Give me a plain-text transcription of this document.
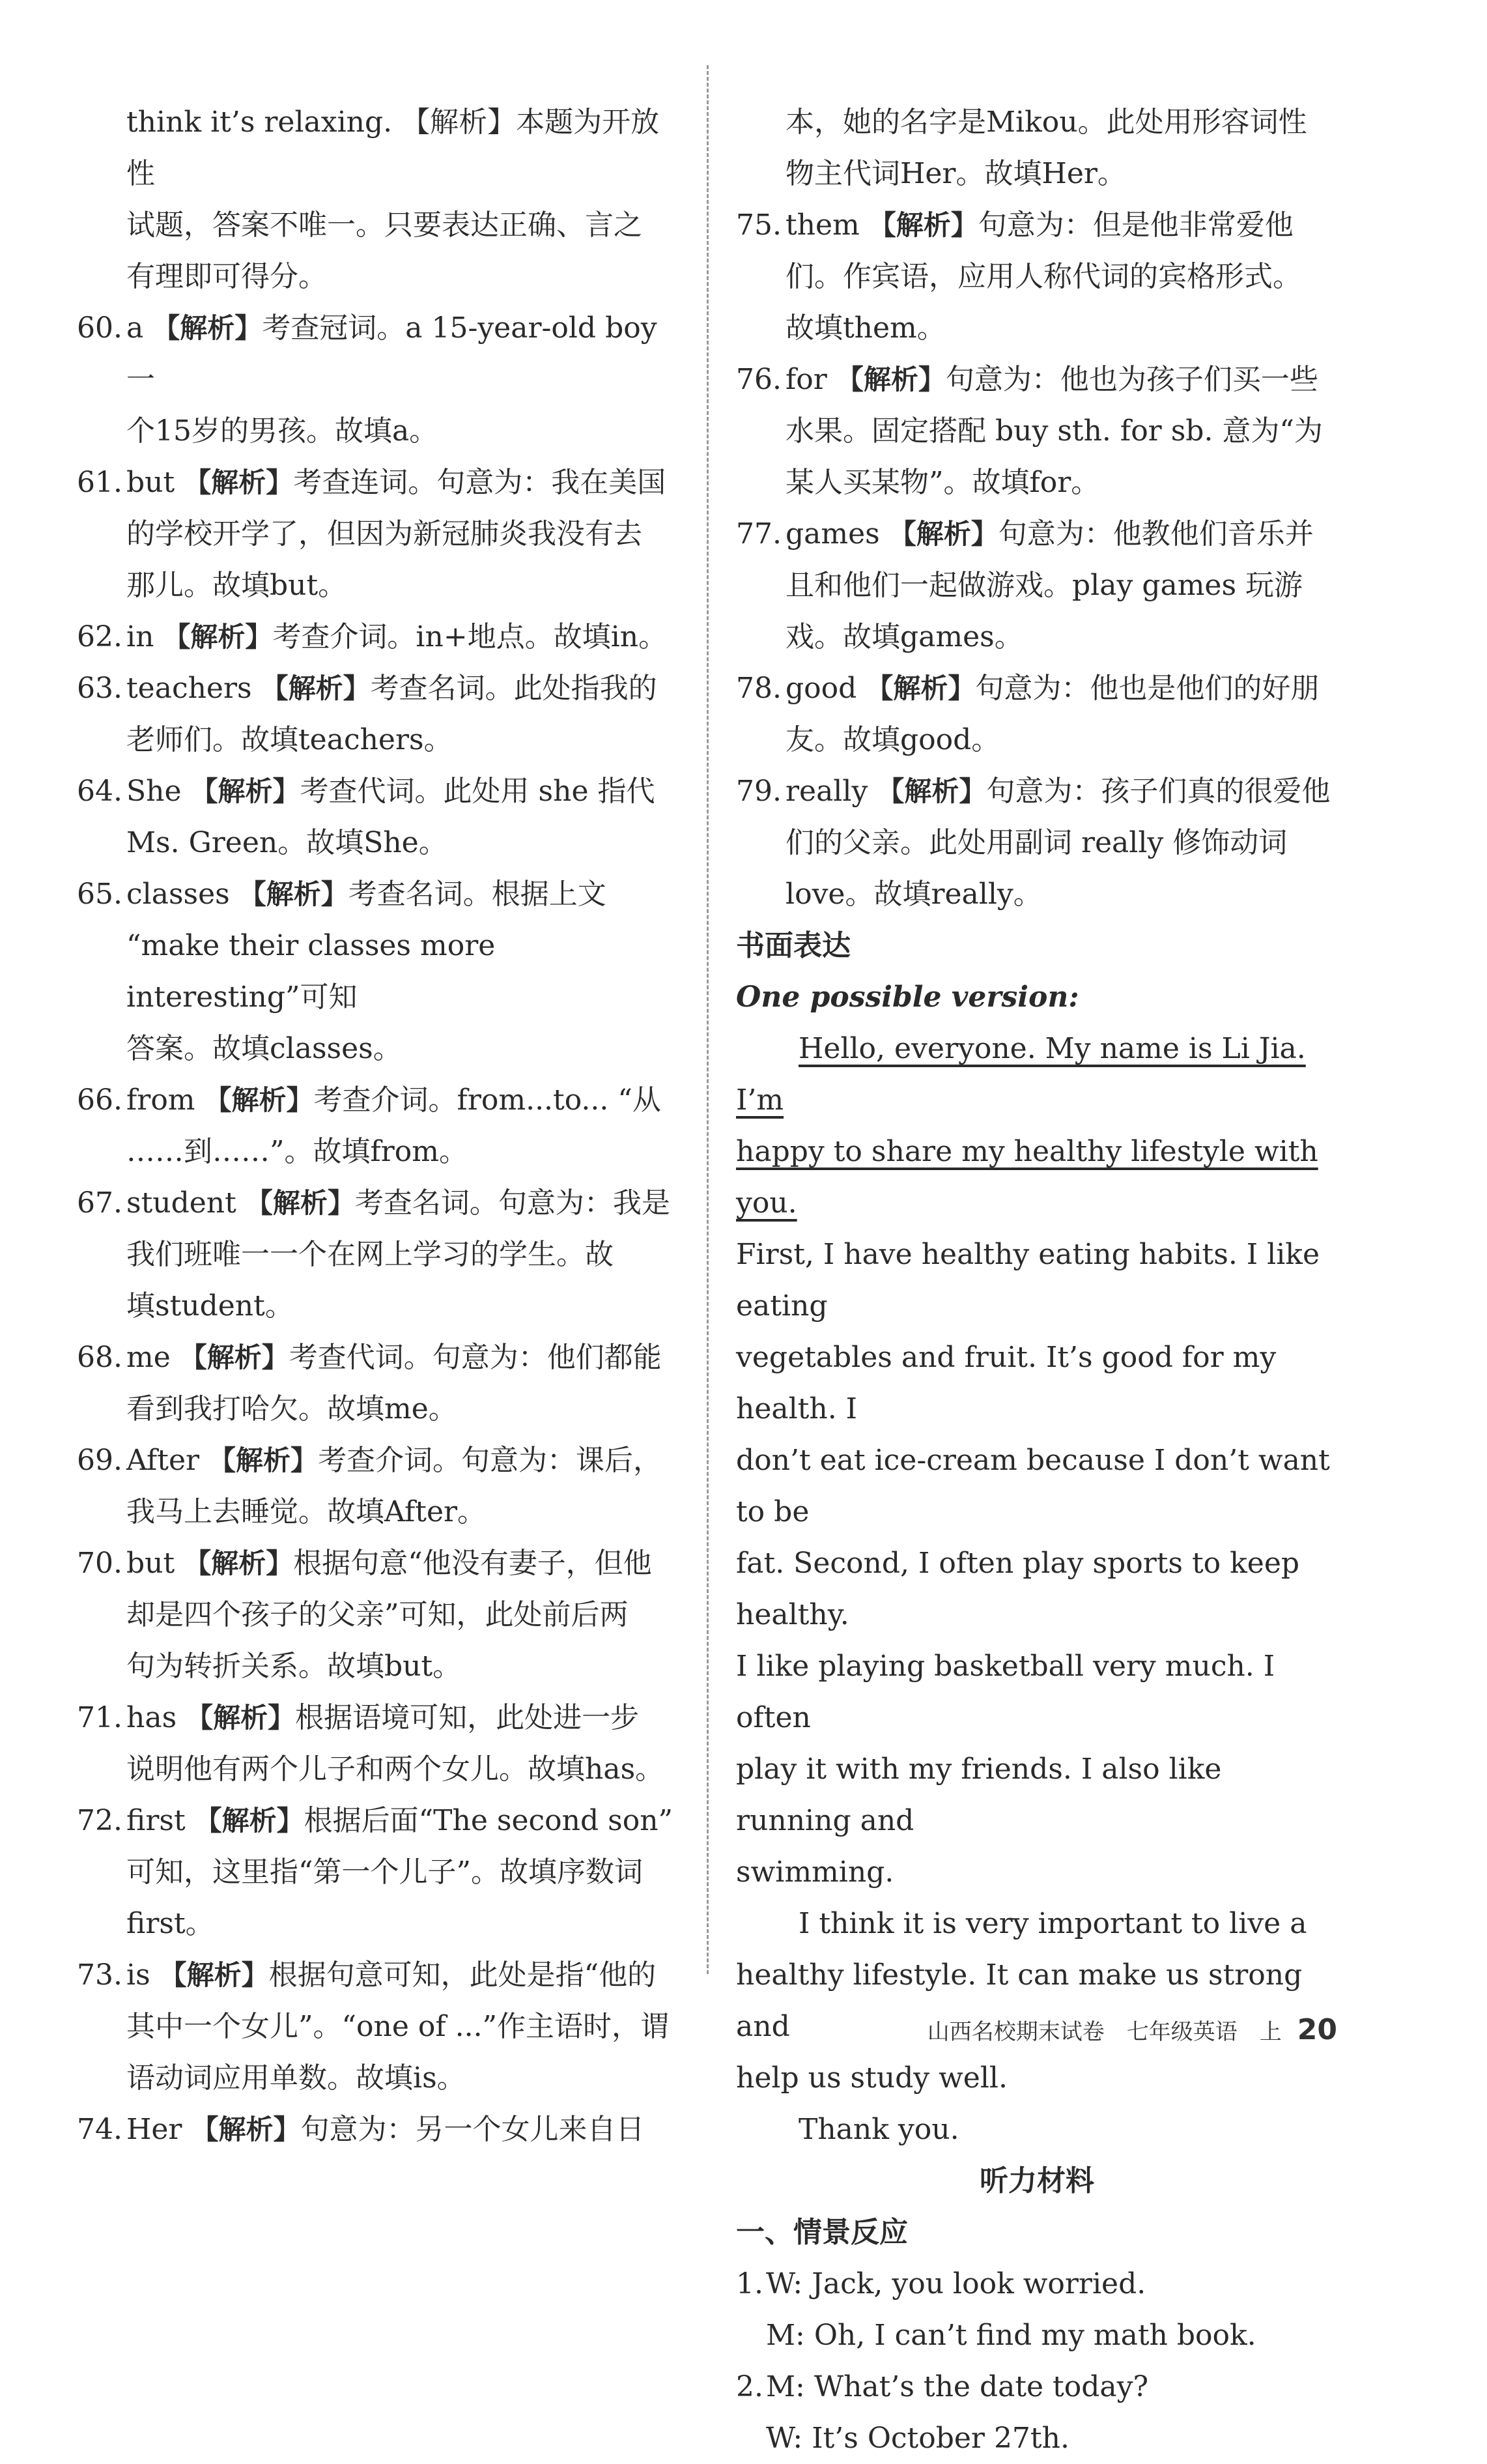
think it’s relaxing. 【解析】本题为开放性
试题，答案不唯一。只要表达正确、言之
有理即可得分。
60. a 【解析】考查冠词。a 15-year-old boy 一
个15岁的男孩。故填a。
61. but 【解析】考查连词。句意为：我在美国
的学校开学了，但因为新冠肺炎我没有去
那儿。故填but。
62. in 【解析】考查介词。in+地点。故填in。
63. teachers 【解析】考查名词。此处指我的
老师们。故填teachers。
64. She 【解析】考查代词。此处用 she 指代
Ms. Green。故填She。
65. classes 【解析】考查名词。根据上文
“make their classes more interesting”可知
答案。故填classes。
66. from 【解析】考查介词。from...to... “从
……到……”。故填from。
67. student 【解析】考查名词。句意为：我是
我们班唯一一个在网上学习的学生。故
填student。
68. me 【解析】考查代词。句意为：他们都能
看到我打哈欠。故填me。
69. After 【解析】考查介词。句意为：课后，
我马上去睡觉。故填After。
70. but 【解析】根据句意“他没有妻子，但他
却是四个孩子的父亲”可知，此处前后两
句为转折关系。故填but。
71. has 【解析】根据语境可知，此处进一步
说明他有两个儿子和两个女儿。故填has。
72. first 【解析】根据后面“The second son”
可知，这里指“第一个儿子”。故填序数词
first。
73. is 【解析】根据句意可知，此处是指“他的
其中一个女儿”。“one of ...”作主语时，谓
语动词应用单数。故填is。
74. Her 【解析】句意为：另一个女儿来自日
本，她的名字是Mikou。此处用形容词性
物主代词Her。故填Her。
75. them 【解析】句意为：但是他非常爱他
们。作宾语，应用人称代词的宾格形式。
故填them。
76. for 【解析】句意为：他也为孩子们买一些
水果。固定搭配 buy sth. for sb. 意为“为
某人买某物”。故填for。
77. games 【解析】句意为：他教他们音乐并
且和他们一起做游戏。play games 玩游
戏。故填games。
78. good 【解析】句意为：他也是他们的好朋
友。故填good。
79. really 【解析】句意为：孩子们真的很爱他
们的父亲。此处用副词 really 修饰动词
love。故填really。
书面表达
One possible version:
Hello, everyone. My name is Li Jia. I’m
happy to share my healthy lifestyle with you.
First, I have healthy eating habits. I like eating
vegetables and fruit. It’s good for my health. I
don’t eat ice-cream because I don’t want to be
fat. Second, I often play sports to keep healthy.
I like playing basketball very much. I often
play it with my friends. I also like running and
swimming.
I think it is very important to live a
healthy lifestyle. It can make us strong and
help us study well.
Thank you.
听力材料
一、情景反应
1. W: Jack, you look worried.
M: Oh, I can’t find my math book.
2. M: What’s the date today?
W: It’s October 27th.
山西名校期末试卷 七年级英语 上 20
